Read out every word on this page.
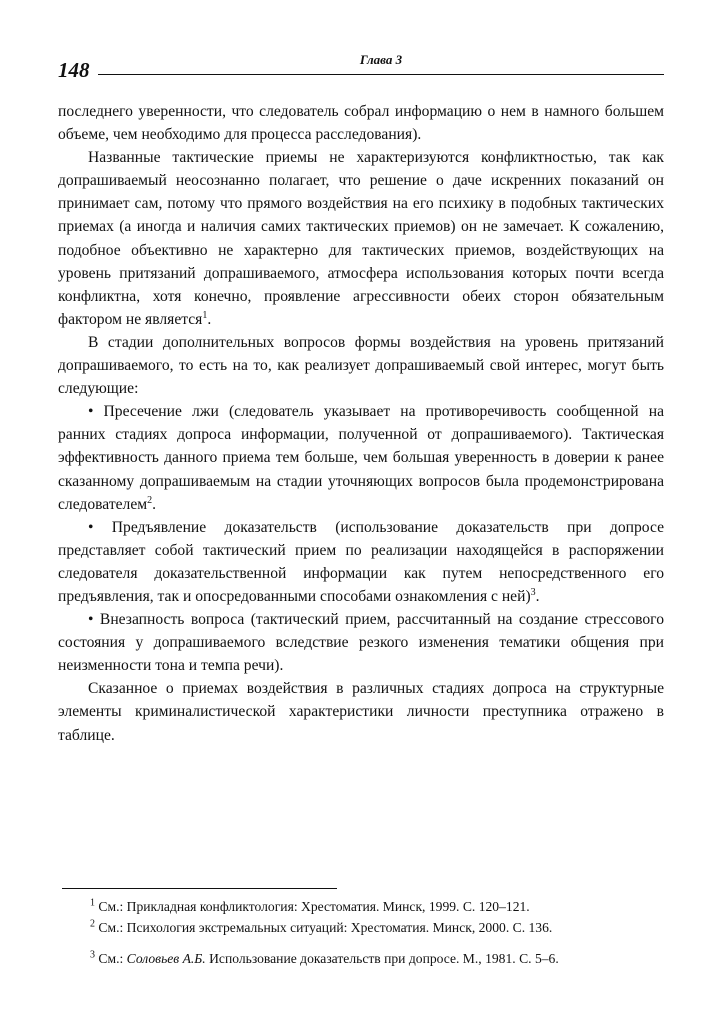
148	Глава 3

последнего уверенности, что следователь собрал информацию о нем в намного большем объеме, чем необходимо для процесса расследования).

Названные тактические приемы не характеризуются конфликтностью, так как допрашиваемый неосознанно полагает, что решение о даче искренних показаний он принимает сам, потому что прямого воздействия на его психику в подобных тактических приемах (а иногда и наличия самих тактических приемов) он не замечает. К сожалению, подобное объективно не характерно для тактических приемов, воздействующих на уровень притязаний допрашиваемого, атмосфера использования которых почти всегда конфликтна, хотя конечно, проявление агрессивности обеих сторон обязательным фактором не является$^1$.

В стадии дополнительных вопросов формы воздействия на уровень притязаний допрашиваемого, то есть на то, как реализует допрашиваемый свой интерес, могут быть следующие:

• Пресечение лжи (следователь указывает на противоречивость сообщенной на ранних стадиях допроса информации, полученной от допрашиваемого). Тактическая эффективность данного приема тем больше, чем большая уверенность в доверии к ранее сказанному допрашиваемым на стадии уточняющих вопросов была продемонстрирована следователем$^2$.

• Предъявление доказательств (использование доказательств при допросе представляет собой тактический прием по реализации находящейся в распоряжении следователя доказательственной информации как путем непосредственного его предъявления, так и опосредованными способами ознакомления с ней)$^3$.

• Внезапность вопроса (тактический прием, рассчитанный на создание стрессового состояния у допрашиваемого вследствие резкого изменения тематики общения при неизменности тона и темпа речи).

Сказанное о приемах воздействия в различных стадиях допроса на структурные элементы криминалистической характеристики личности преступника отражено в таблице.

$^1$ См.: Прикладная конфликтология: Хрестоматия. Минск, 1999. С. 120–121.
$^2$ См.: Психология экстремальных ситуаций: Хрестоматия. Минск, 2000. С. 136.
$^3$ См.: Соловьев А.Б. Использование доказательств при допросе. М., 1981. С. 5–6.
